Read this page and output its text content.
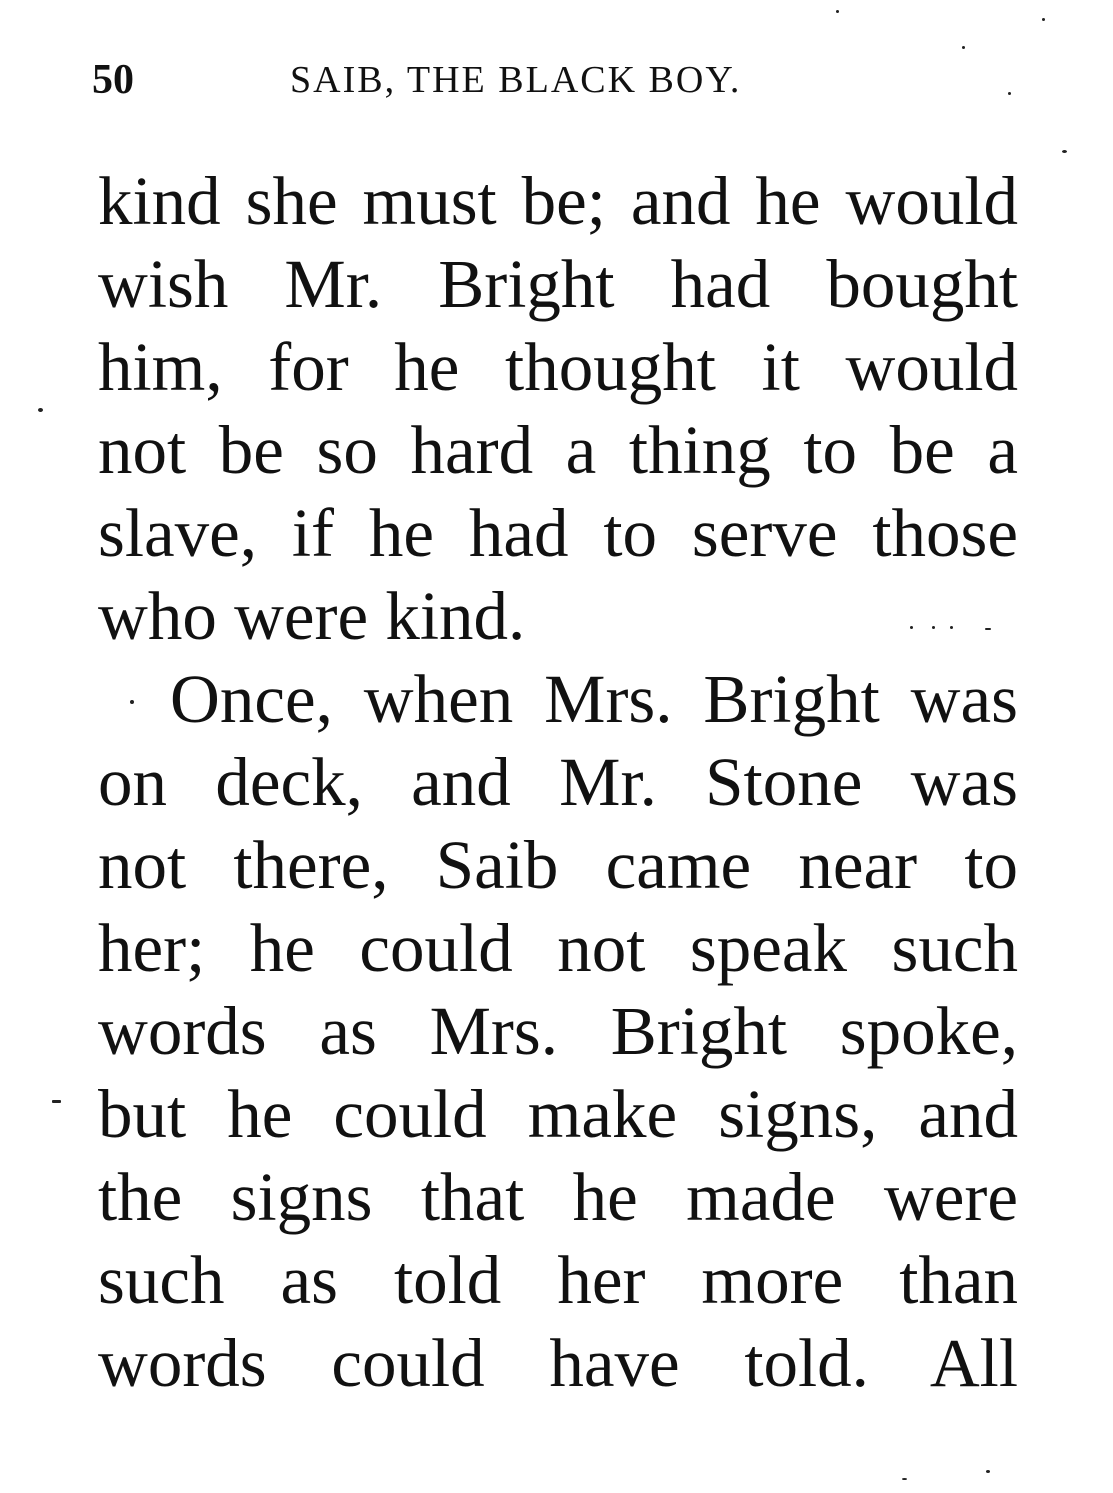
50	SAIB, THE BLACK BOY.
kind she must be; and he would
wish Mr. Bright had bought
him, for he thought it would
not be so hard a thing to be a
slave, if he had to serve those
who were kind.
Once, when Mrs. Bright was
on deck, and Mr. Stone was
not there, Saib came near to
her; he could not speak such
words as Mrs. Bright spoke,
but he could make signs, and
the signs that he made were
such as told her more than
words could have told. All
